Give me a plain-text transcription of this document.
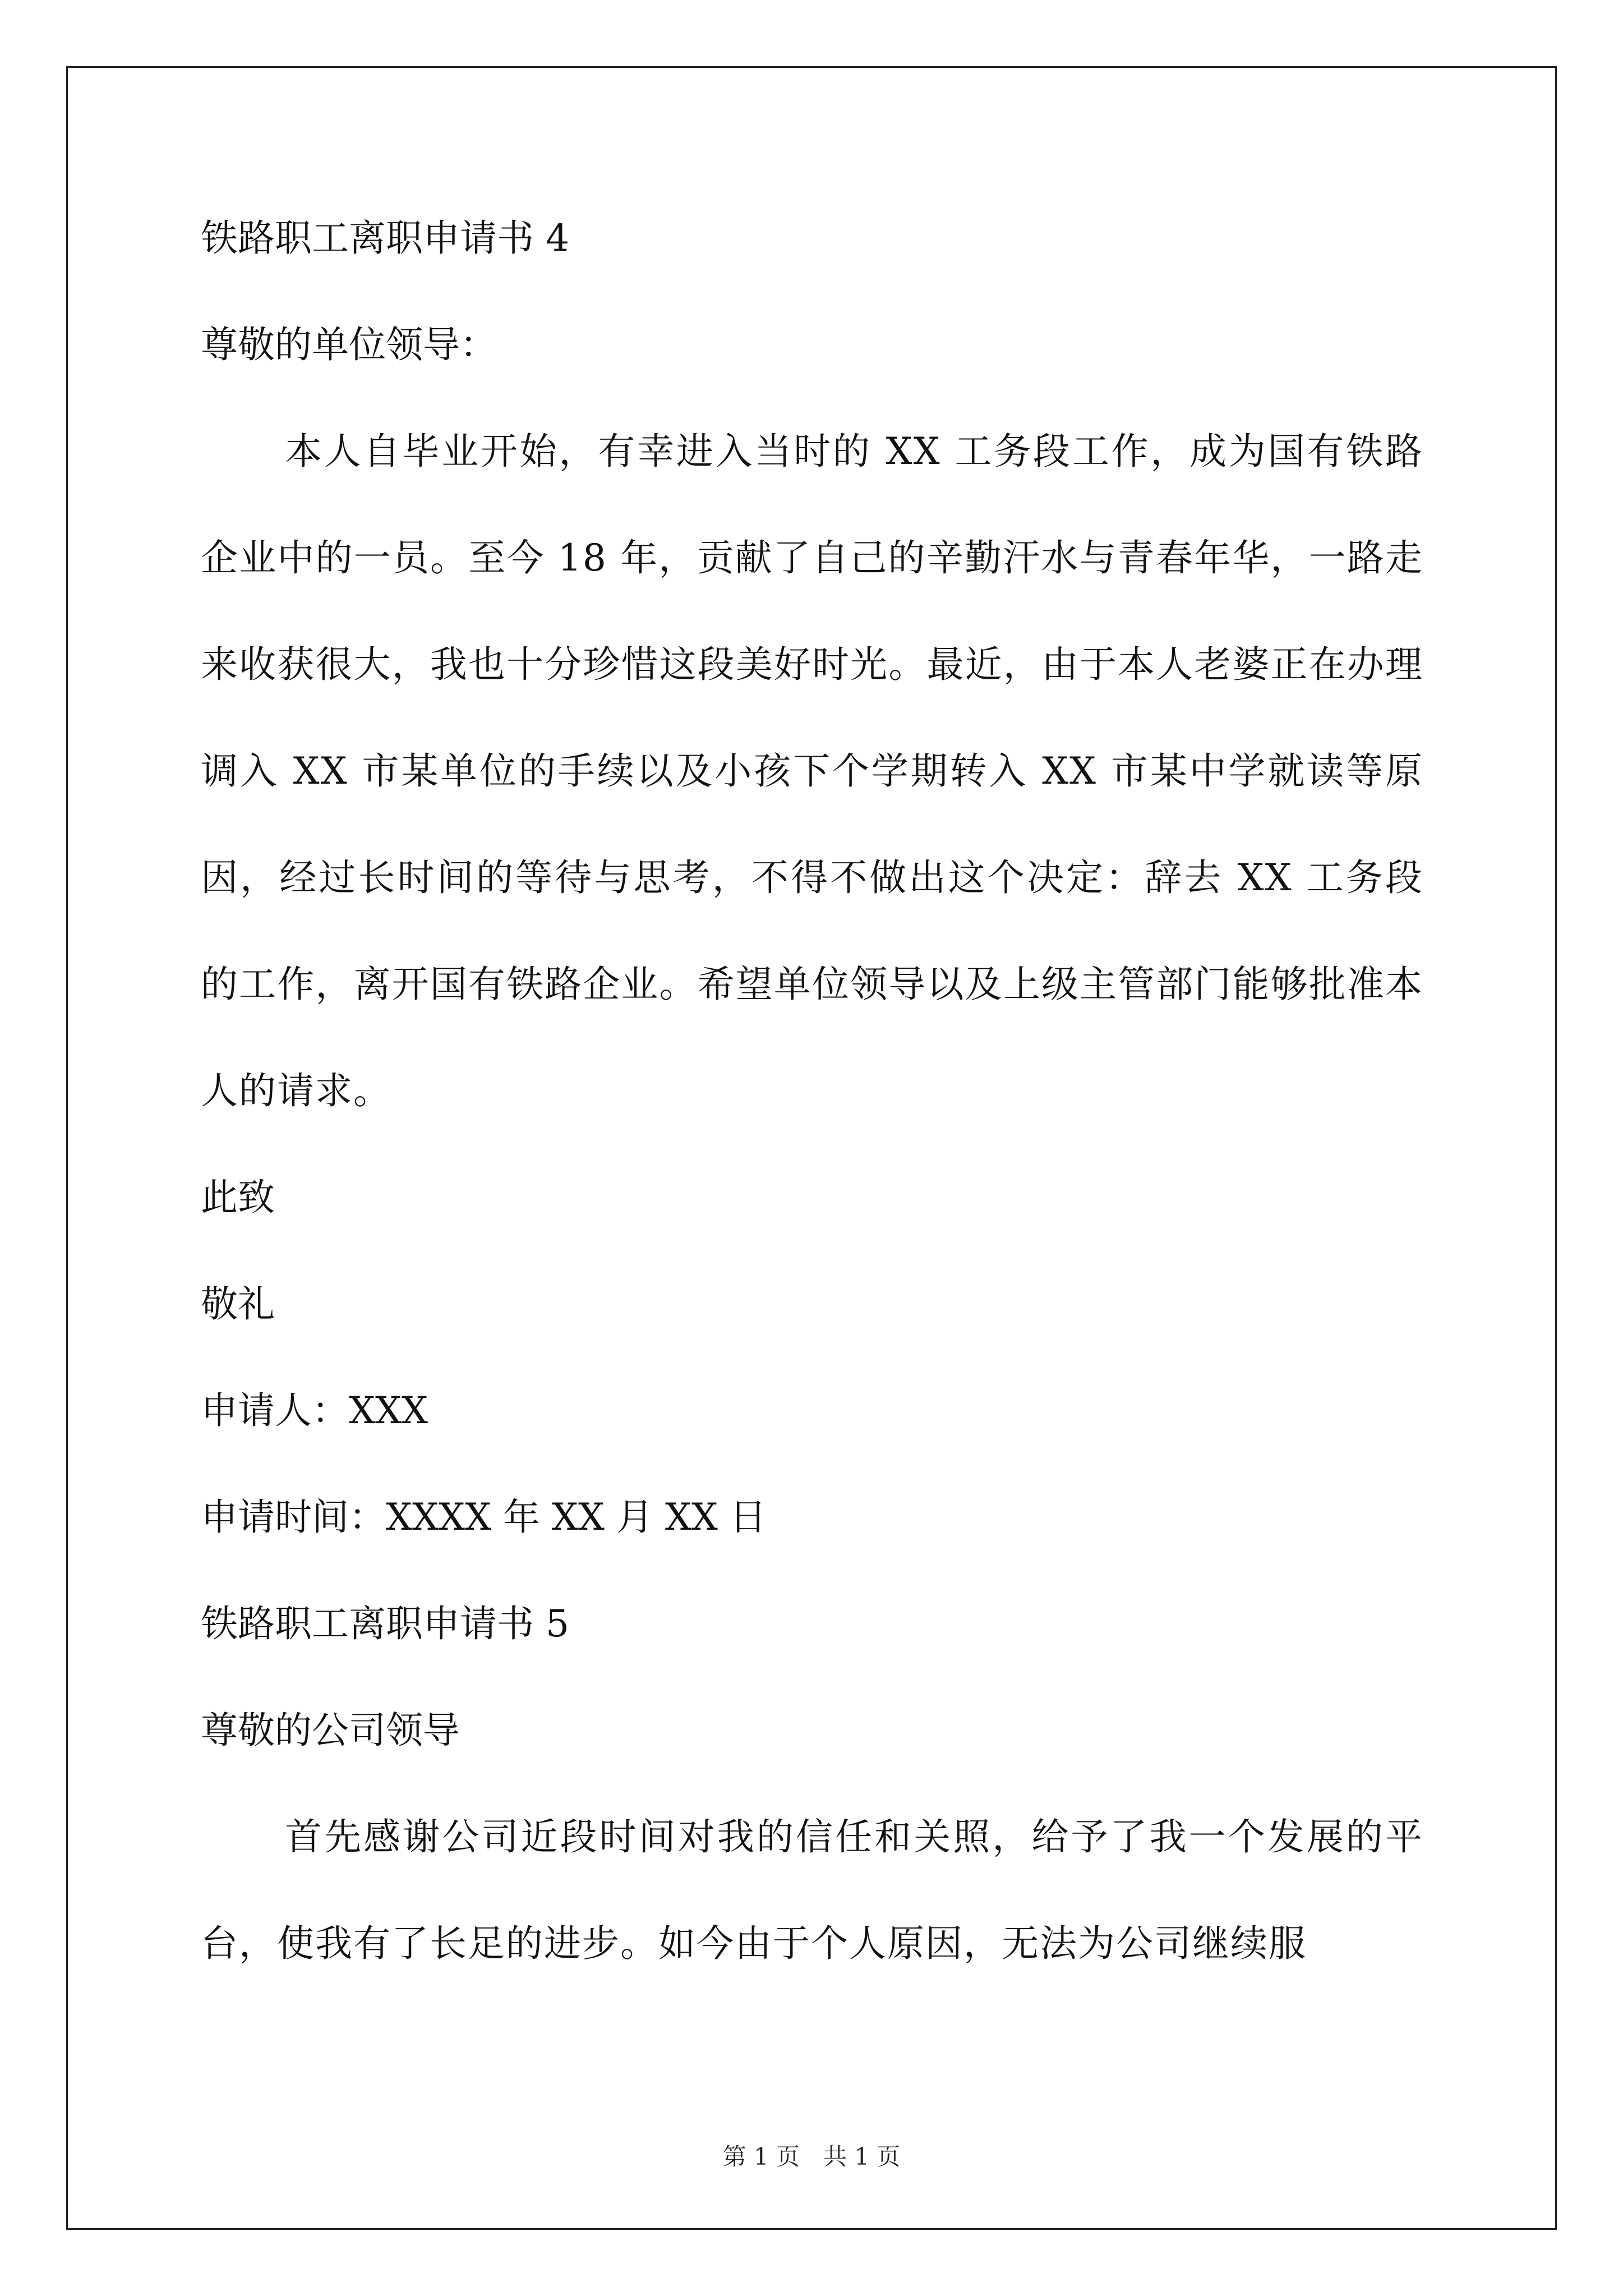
铁路职工离职申请书 4
尊敬的单位领导：
本人自毕业开始，有幸进入当时的 XX 工务段工作，成为国有铁路企业中的一员。至今 18 年，贡献了自己的辛勤汗水与青春年华，一路走来收获很大，我也十分珍惜这段美好时光。最近，由于本人老婆正在办理调入 XX 市某单位的手续以及小孩下个学期转入 XX 市某中学就读等原因，经过长时间的等待与思考，不得不做出这个决定：辞去 XX 工务段的工作，离开国有铁路企业。希望单位领导以及上级主管部门能够批准本人的请求。
此致
敬礼
申请人：XXX
申请时间：XXXX 年 XX 月 XX 日
铁路职工离职申请书 5
尊敬的公司领导
首先感谢公司近段时间对我的信任和关照，给予了我一个发展的平台，使我有了长足的进步。如今由于个人原因，无法为公司继续服
第 1 页　共 1 页
